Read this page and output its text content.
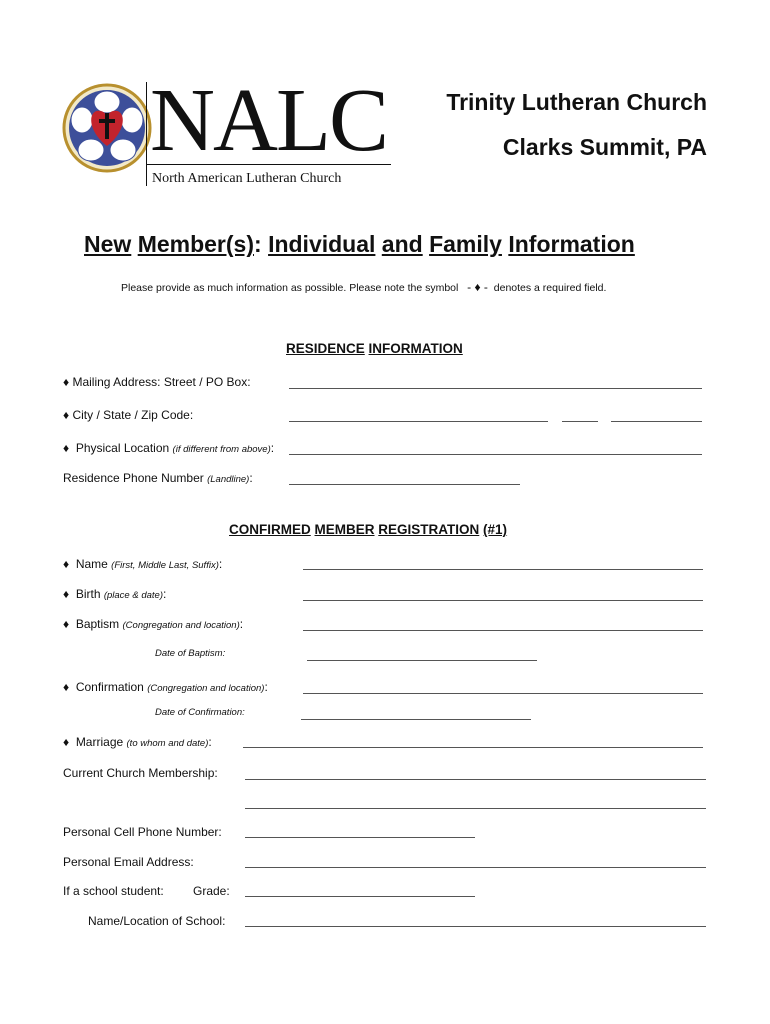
NALC
North American Lutheran Church
Trinity Lutheran Church
Clarks Summit, PA
New Member(s): Individual and Family Information
Please provide as much information as possible. Please note the symbol - ♦ - denotes a required field.
RESIDENCE INFORMATION
♦ Mailing Address: Street / PO Box:
♦ City / State / Zip Code:
♦ Physical Location (if different from above):
Residence Phone Number (Landline):
CONFIRMED MEMBER REGISTRATION (#1)
♦ Name (First, Middle Last, Suffix):
♦ Birth (place & date):
♦ Baptism (Congregation and location):
Date of Baptism:
♦ Confirmation (Congregation and location):
Date of Confirmation:
♦ Marriage (to whom and date):
Current Church Membership:
Personal Cell Phone Number:
Personal Email Address:
If a school student: Grade:
Name/Location of School:
